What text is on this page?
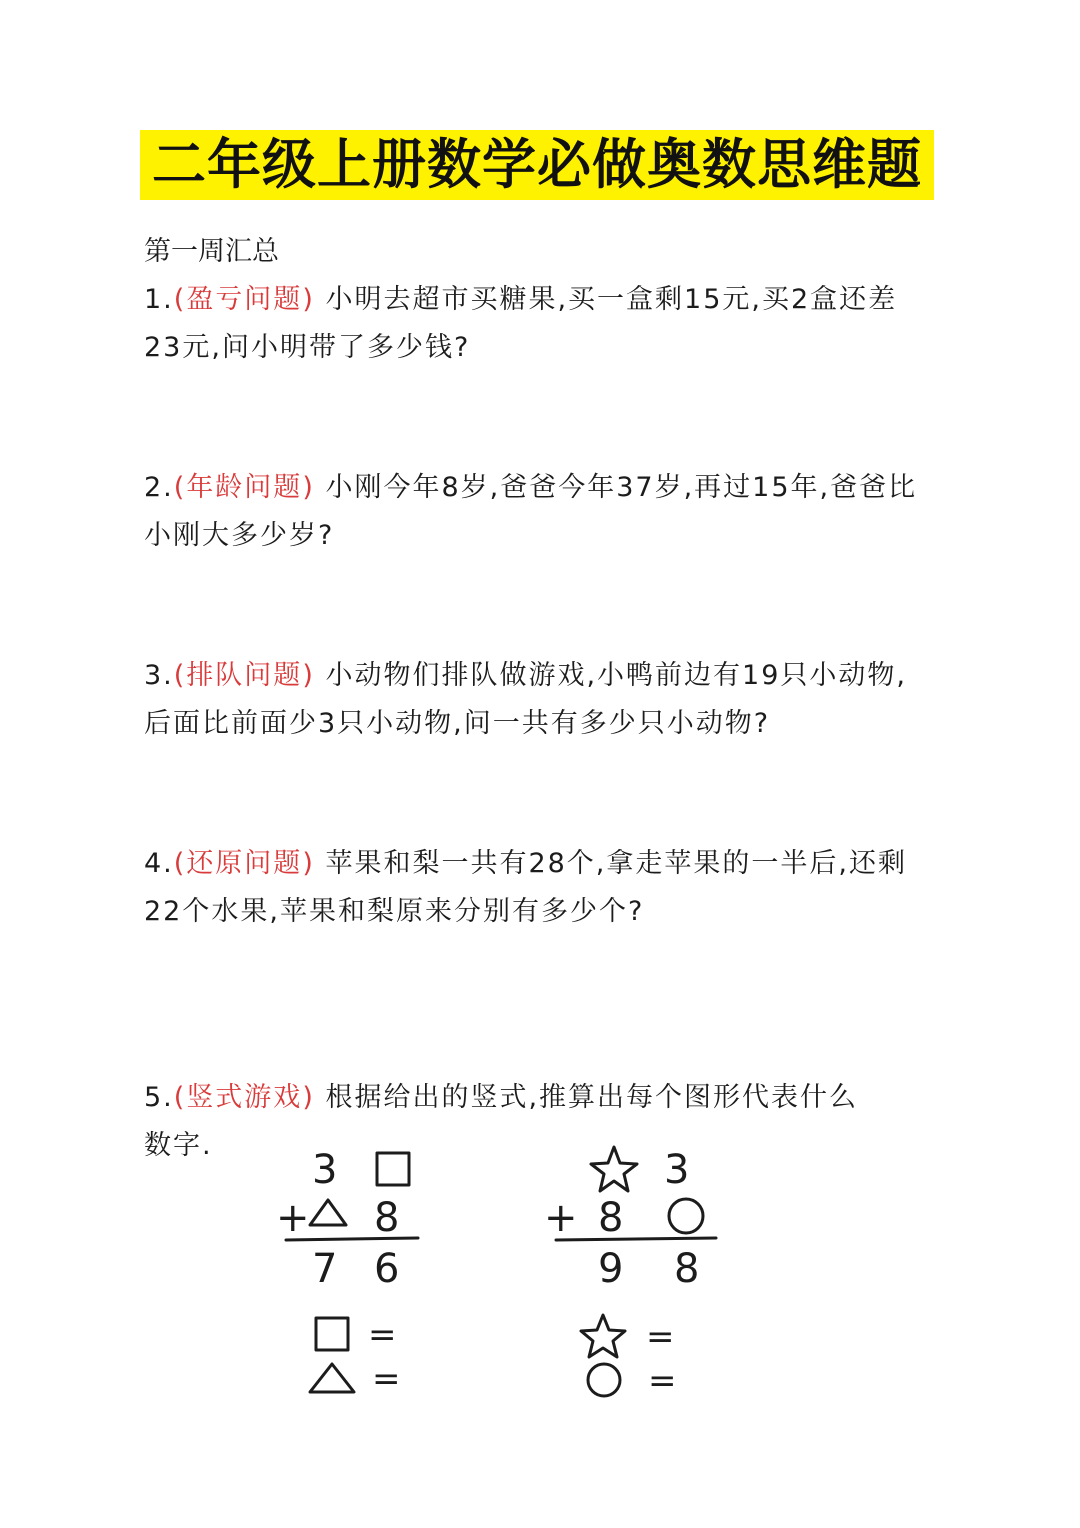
二年级上册数学必做奥数思维题
第一周汇总
1.(盈亏问题) 小明去超市买糖果,买一盒剩15元,买2盒还差23元,问小明带了多少钱?
2.(年龄问题) 小刚今年8岁,爸爸今年37岁,再过15年,爸爸比小刚大多少岁?
3.(排队问题) 小动物们排队做游戏,小鸭前边有19只小动物,后面比前面少3只小动物,问一共有多少只小动物?
4.(还原问题) 苹果和梨一共有28个,拿走苹果的一半后,还剩22个水果,苹果和梨原来分别有多少个?
5.(竖式游戏) 根据给出的竖式,推算出每个图形代表什么数字.
3
+ 8
7 6
=
=
3
+ 8
9 8
=
=
